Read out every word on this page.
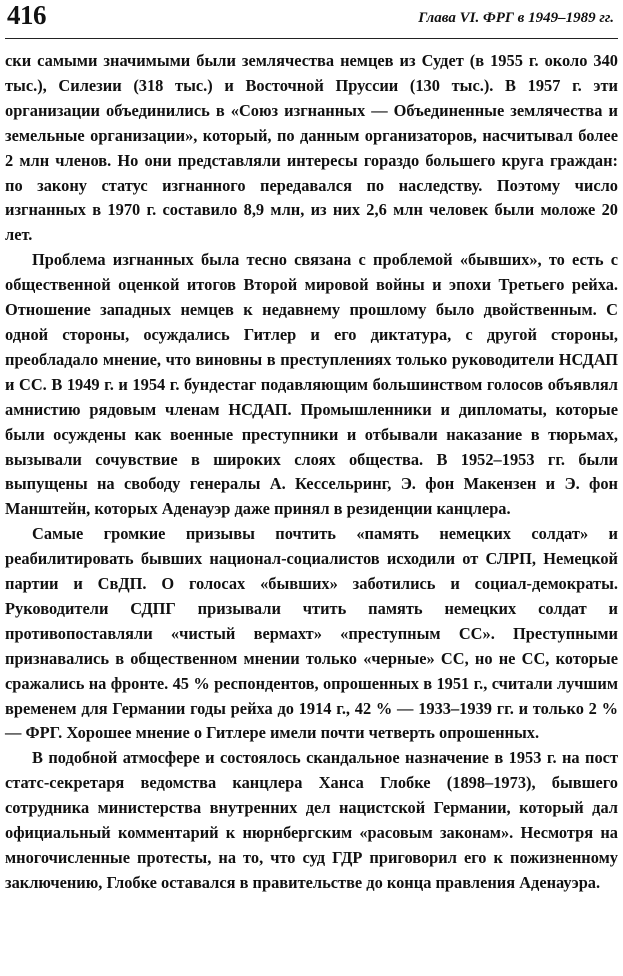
416	Глава VI. ФРГ в 1949–1989 гг.

ски самыми значимыми были землячества немцев из Судет (в 1955 г. около 340 тыс.), Силезии (318 тыс.) и Восточной Пруссии (130 тыс.). В 1957 г. эти организации объединились в «Союз изгнанных — Объединенные землячества и земельные организации», который, по данным организаторов, насчитывал более 2 млн членов. Но они представляли интересы гораздо большего круга граждан: по закону статус изгнанного передавался по наследству. Поэтому число изгнанных в 1970 г. составило 8,9 млн, из них 2,6 млн человек были моложе 20 лет.

Проблема изгнанных была тесно связана с проблемой «бывших», то есть с общественной оценкой итогов Второй мировой войны и эпохи Третьего рейха. Отношение западных немцев к недавнему прошлому было двойственным. С одной стороны, осуждались Гитлер и его диктатура, с другой стороны, преобладало мнение, что виновны в преступлениях только руководители НСДАП и СС. В 1949 г. и 1954 г. бундестаг подавляющим большинством голосов объявлял амнистию рядовым членам НСДАП. Промышленники и дипломаты, которые были осуждены как военные преступники и отбывали наказание в тюрьмах, вызывали сочувствие в широких слоях общества. В 1952–1953 гг. были выпущены на свободу генералы А. Кессельринг, Э. фон Макензен и Э. фон Манштейн, которых Аденауэр даже принял в резиденции канцлера.

Самые громкие призывы почтить «память немецких солдат» и реабилитировать бывших национал-социалистов исходили от СЛРП, Немецкой партии и СвДП. О голосах «бывших» заботились и социал-демократы. Руководители СДПГ призывали чтить память немецких солдат и противопоставляли «чистый вермахт» «преступным СС». Преступными признавались в общественном мнении только «черные» СС, но не СС, которые сражались на фронте. 45 % респондентов, опрошенных в 1951 г., считали лучшим временем для Германии годы рейха до 1914 г., 42 % — 1933–1939 гг. и только 2 % — ФРГ. Хорошее мнение о Гитлере имели почти четверть опрошенных.

В подобной атмосфере и состоялось скандальное назначение в 1953 г. на пост статс-секретаря ведомства канцлера Ханса Глобке (1898–1973), бывшего сотрудника министерства внутренних дел нацистской Германии, который дал официальный комментарий к нюрнбергским «расовым законам». Несмотря на многочисленные протесты, на то, что суд ГДР приговорил его к пожизненному заключению, Глобке оставался в правительстве до конца правления Аденауэра.
